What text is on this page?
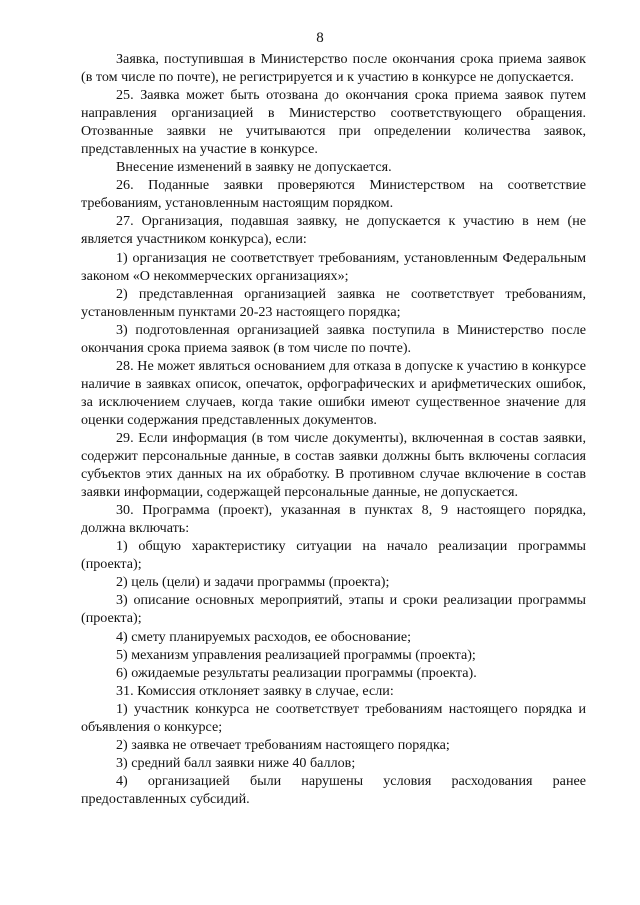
8

Заявка, поступившая в Министерство после окончания срока приема заявок (в том числе по почте), не регистрируется и к участию в конкурсе не допускается.

25. Заявка может быть отозвана до окончания срока приема заявок путем направления организацией в Министерство соответствующего обращения. Отозванные заявки не учитываются при определении количества заявок, представленных на участие в конкурсе.

Внесение изменений в заявку не допускается.

26. Поданные заявки проверяются Министерством на соответствие требованиям, установленным настоящим порядком.

27. Организация, подавшая заявку, не допускается к участию в нем (не является участником конкурса), если:

1) организация не соответствует требованиям, установленным Федеральным законом «О некоммерческих организациях»;

2) представленная организацией заявка не соответствует требованиям, установленным пунктами 20-23 настоящего порядка;

3) подготовленная организацией заявка поступила в Министерство после окончания срока приема заявок (в том числе по почте).

28. Не может являться основанием для отказа в допуске к участию в конкурсе наличие в заявках описок, опечаток, орфографических и арифметических ошибок, за исключением случаев, когда такие ошибки имеют существенное значение для оценки содержания представленных документов.

29. Если информация (в том числе документы), включенная в состав заявки, содержит персональные данные, в состав заявки должны быть включены согласия субъектов этих данных на их обработку. В противном случае включение в состав заявки информации, содержащей персональные данные, не допускается.

30. Программа (проект), указанная в пунктах 8, 9 настоящего порядка, должна включать:

1) общую характеристику ситуации на начало реализации программы (проекта);

2) цель (цели) и задачи программы (проекта);

3) описание основных мероприятий, этапы и сроки реализации программы (проекта);

4) смету планируемых расходов, ее обоснование;

5) механизм управления реализацией программы (проекта);

6) ожидаемые результаты реализации программы (проекта).

31. Комиссия отклоняет заявку в случае, если:

1) участник конкурса не соответствует требованиям настоящего порядка и объявления о конкурсе;

2) заявка не отвечает требованиям настоящего порядка;

3) средний балл заявки ниже 40 баллов;

4) организацией были нарушены условия расходования ранее предоставленных субсидий.
